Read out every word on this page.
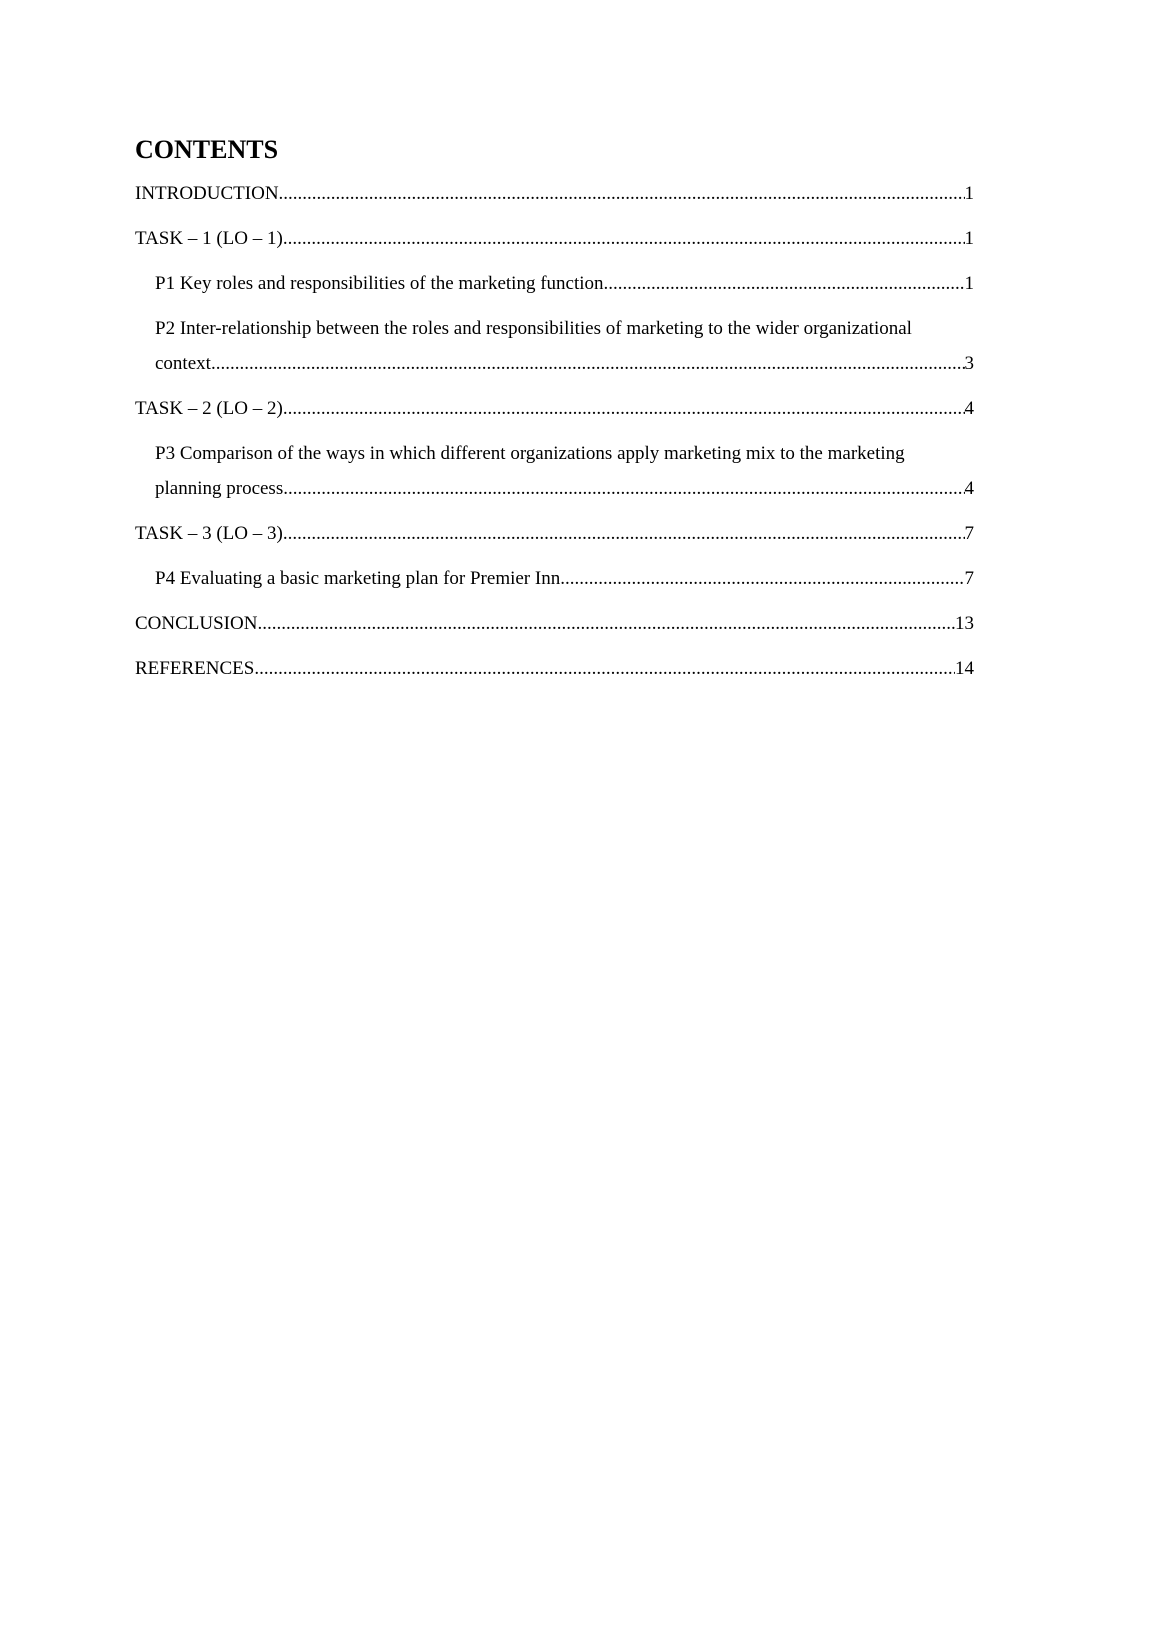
CONTENTS
INTRODUCTION .....	1
TASK – 1 (LO – 1) .....	1
P1 Key roles and responsibilities of the marketing function .....	1
P2 Inter-relationship between the roles and responsibilities of marketing to the wider organizational
context .....	3
TASK – 2 (LO – 2) .....	4
P3 Comparison of the ways in which different organizations apply marketing mix to the marketing
planning process .....	4
TASK – 3 (LO – 3) .....	7
P4 Evaluating a basic marketing plan for Premier Inn .....	7
CONCLUSION .....	13
REFERENCES .....	14
